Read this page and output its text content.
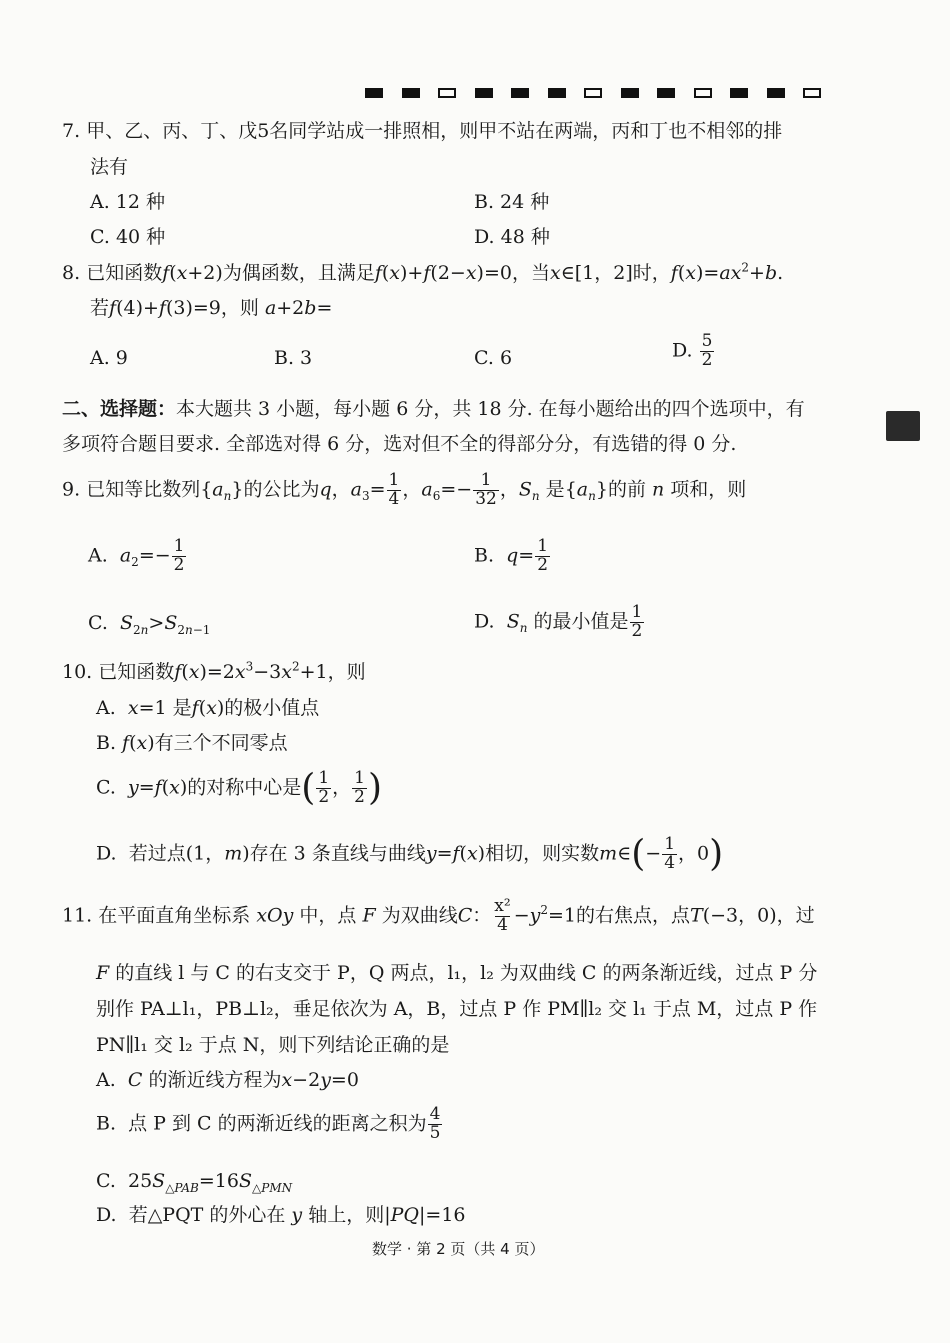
7. 甲、乙、丙、丁、戊5名同学站成一排照相，则甲不站在两端，丙和丁也不相邻的排
法有
A. 12 种	B. 24 种
C. 40 种	D. 48 种
8. 已知函数f(x+2)为偶函数，且满足f(x)+f(2−x)=0，当x∈[1，2]时，$f(x)=ax^2+b$.
若f(4)+f(3)=9，则 a+2b=
A. 9	B. 3	C. 6	D. $\frac{5}{2}$
二、选择题：本大题共 3 小题，每小题 6 分，共 18 分. 在每小题给出的四个选项中，有
多项符合题目要求. 全部选对得 6 分，选对但不全的得部分分，有选错的得 0 分.
9. 已知等比数列$\{a_n\}$的公比为q，$a_3= \frac{1}{4}$ ，$a_6=- \frac{1}{32}$ ，$S_n$ 是$\{a_n\}$的前 n 项和，则
A.  $a_2=- \frac{1}{2}$	B.  $q= \frac{1}{2}$
C.  $S_{2n}>S_{2n-1}$	D.  $S_n$ 的最小值是 $\frac{1}{2}$
10. 已知函数$f(x)=2x^3-3x^2+1$，则
A.  x=1 是f(x)的极小值点
B. f(x)有三个不同零点
C.  y=f(x)的对称中心是( $\frac{1}{2}$ ， $\frac{1}{2}$ )
D.  若过点(1，m)存在 3 条直线与曲线y=f(x)相切，则实数m∈(− $\frac{1}{4}$ ，0)
11. 在平面直角坐标系 xOy 中，点 F 为双曲线C： $\frac{\text{x²}}{4} -y^2=1$的右焦点，点T(−3，0)，过
F 的直线 l 与 C 的右支交于 P，Q 两点，l₁，l₂ 为双曲线 C 的两条渐近线，过点 P 分
别作 PA⊥l₁，PB⊥l₂，垂足依次为 A，B，过点 P 作 PM∥l₂ 交 l₁ 于点 M，过点 P 作
PN∥l₁ 交 l₂ 于点 N，则下列结论正确的是
A.  C 的渐近线方程为x−2y=0
B.  点 P 到 C 的两渐近线的距离之积为 $\frac{4}{5}$
C.  $25S_{\triangle PAB}=16S_{\triangle PMN}$
D.  若△PQT 的外心在 y 轴上，则|PQ|=16
数学 · 第 2 页（共 4 页）
